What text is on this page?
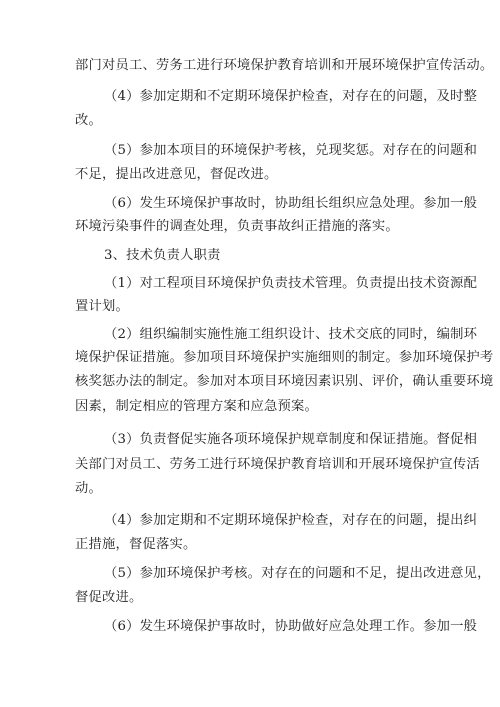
部门对员工、劳务工进行环境保护教育培训和开展环境保护宣传活动。
（4）参加定期和不定期环境保护检查，对存在的问题，及时整
改。
（5）参加本项目的环境保护考核，兑现奖惩。对存在的问题和
不足，提出改进意见，督促改进。
（6）发生环境保护事故时，协助组长组织应急处理。参加一般
环境污染事件的调查处理，负责事故纠正措施的落实。
3、技术负责人职责
（1）对工程项目环境保护负责技术管理。负责提出技术资源配
置计划。
（2）组织编制实施性施工组织设计、技术交底的同时，编制环
境保护保证措施。参加项目环境保护实施细则的制定。参加环境保护考
核奖惩办法的制定。参加对本项目环境因素识别、评价，确认重要环境
因素，制定相应的管理方案和应急预案。
（3）负责督促实施各项环境保护规章制度和保证措施。督促相
关部门对员工、劳务工进行环境保护教育培训和开展环境保护宣传活
动。
（4）参加定期和不定期环境保护检查，对存在的问题，提出纠
正措施，督促落实。
（5）参加环境保护考核。对存在的问题和不足，提出改进意见，
督促改进。
（6）发生环境保护事故时，协助做好应急处理工作。参加一般
